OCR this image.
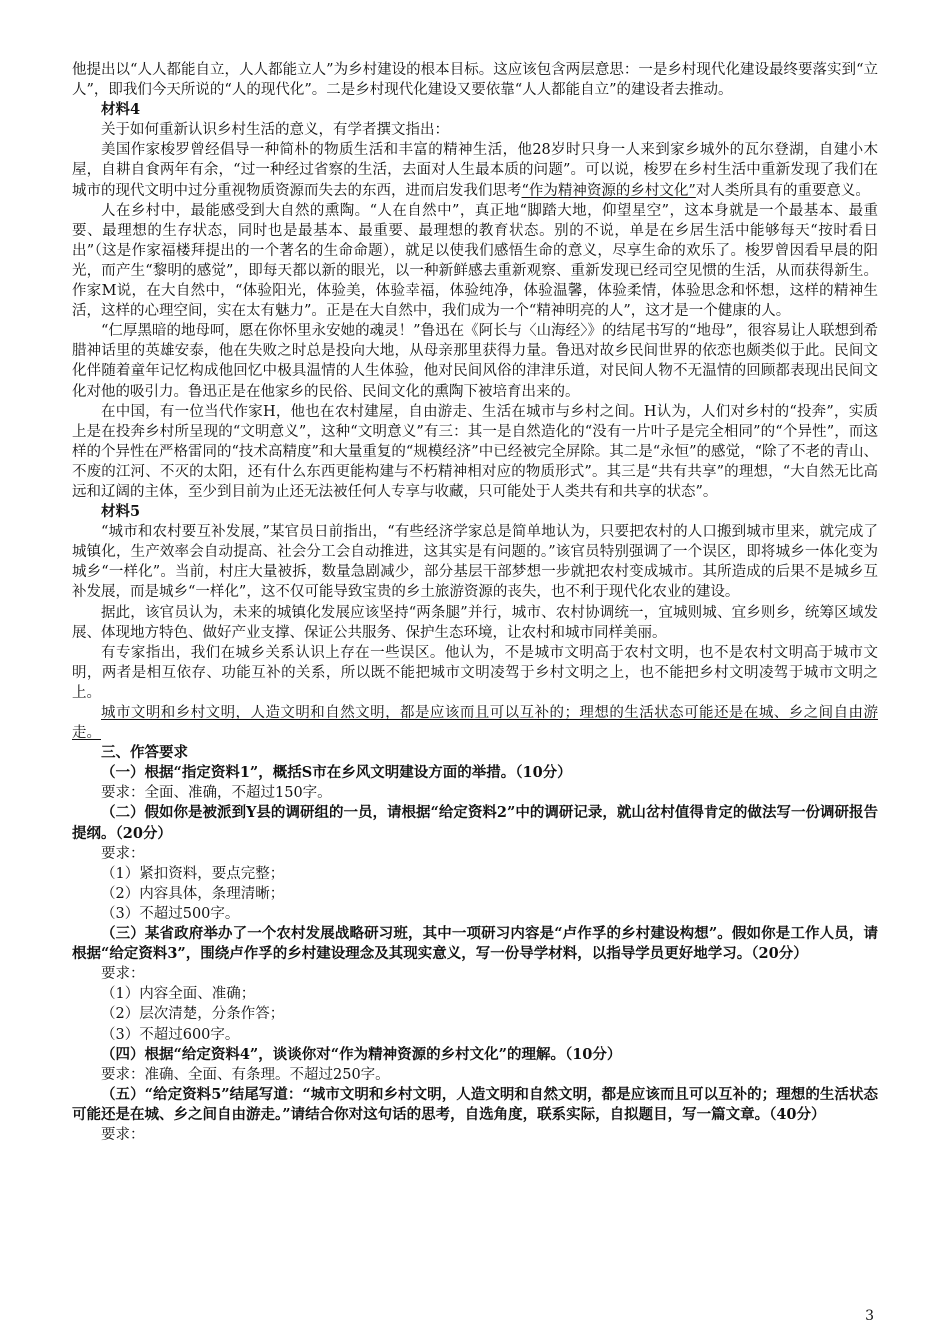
他提出以“人人都能自立，人人都能立人”为乡村建设的根本目标。这应该包含两层意思：一是乡村现代化建设最终要落实到“立人”，即我们今天所说的“人的现代化”。二是乡村现代化建设又要依靠“人人都能自立”的建设者去推动。

材料4

关于如何重新认识乡村生活的意义，有学者撰文指出：

美国作家梭罗曾经倡导一种简朴的物质生活和丰富的精神生活，他28岁时只身一人来到家乡城外的瓦尔登湖，自建小木屋，自耕自食两年有余，“过一种经过省察的生活，去面对人生最本质的问题”。可以说，梭罗在乡村生活中重新发现了我们在城市的现代文明中过分重视物质资源而失去的东西，进而启发我们思考“作为精神资源的乡村文化”对人类所具有的重要意义。

人在乡村中，最能感受到大自然的熏陶。“人在自然中”，真正地“脚踏大地，仰望星空”，这本身就是一个最基本、最重要、最理想的生存状态，同时也是最基本、最重要、最理想的教育状态。别的不说，单是在乡居生活中能够每天“按时看日出”（这是作家福楼拜提出的一个著名的生命命题），就足以使我们感悟生命的意义，尽享生命的欢乐了。梭罗曾因看早晨的阳光，而产生“黎明的感觉”，即每天都以新的眼光，以一种新鲜感去重新观察、重新发现已经司空见惯的生活，从而获得新生。作家M说，在大自然中，“体验阳光，体验美，体验幸福，体验纯净，体验温馨，体验柔情，体验思念和怀想，这样的精神生活，这样的心理空间，实在太有魅力”。正是在大自然中，我们成为一个“精神明亮的人”，这才是一个健康的人。

“仁厚黑暗的地母呵，愿在你怀里永安她的魂灵！”鲁迅在《阿长与〈山海经〉》的结尾书写的“地母”，很容易让人联想到希腊神话里的英雄安泰，他在失败之时总是投向大地，从母亲那里获得力量。鲁迅对故乡民间世界的依恋也颇类似于此。民间文化伴随着童年记忆构成他回忆中极具温情的人生体验，他对民间风俗的津津乐道，对民间人物不无温情的回顾都表现出民间文化对他的吸引力。鲁迅正是在他家乡的民俗、民间文化的熏陶下被培育出来的。

在中国，有一位当代作家H，他也在农村建屋，自由游走、生活在城市与乡村之间。H认为，人们对乡村的“投奔”，实质上是在投奔乡村所呈现的“文明意义”，这种“文明意义”有三：其一是自然造化的“没有一片叶子是完全相同”的“个异性”，而这样的个异性在严格雷同的“技术高精度”和大量重复的“规模经济”中已经被完全屏除。其二是“永恒”的感觉，“除了不老的青山、不废的江河、不灭的太阳，还有什么东西更能构建与不朽精神相对应的物质形式”。其三是“共有共享”的理想，“大自然无比高远和辽阔的主体，至少到目前为止还无法被任何人专享与收藏，只可能处于人类共有和共享的状态”。

材料5

“城市和农村要互补发展，”某官员日前指出，“有些经济学家总是简单地认为，只要把农村的人口搬到城市里来，就完成了城镇化，生产效率会自动提高、社会分工会自动推进，这其实是有问题的。”该官员特别强调了一个误区，即将城乡一体化变为城乡“一样化”。当前，村庄大量被拆，数量急剧减少，部分基层干部梦想一步就把农村变成城市。其所造成的后果不是城乡互补发展，而是城乡“一样化”，这不仅可能导致宝贵的乡土旅游资源的丧失，也不利于现代化农业的建设。

据此，该官员认为，未来的城镇化发展应该坚持“两条腿”并行，城市、农村协调统一，宜城则城、宜乡则乡，统筹区域发展、体现地方特色、做好产业支撑、保证公共服务、保护生态环境，让农村和城市同样美丽。

有专家指出，我们在城乡关系认识上存在一些误区。他认为，不是城市文明高于农村文明，也不是农村文明高于城市文明，两者是相互依存、功能互补的关系，所以既不能把城市文明凌驾于乡村文明之上，也不能把乡村文明凌驾于城市文明之上。

城市文明和乡村文明，人造文明和自然文明，都是应该而且可以互补的；理想的生活状态可能还是在城、乡之间自由游走。

三、作答要求

（一）根据“指定资料1”，概括S市在乡风文明建设方面的举措。（10分）

要求：全面、准确，不超过150字。

（二）假如你是被派到Y县的调研组的一员，请根据“给定资料2”中的调研记录，就山岔村值得肯定的做法写一份调研报告提纲。（20分）

要求：

（1）紧扣资料，要点完整；

（2）内容具体，条理清晰；

（3）不超过500字。

（三）某省政府举办了一个农村发展战略研习班，其中一项研习内容是“卢作孚的乡村建设构想”。假如你是工作人员，请根据“给定资料3”，围绕卢作孚的乡村建设理念及其现实意义，写一份导学材料，以指导学员更好地学习。（20分）

要求：

（1）内容全面、准确；

（2）层次清楚，分条作答；

（3）不超过600字。

（四）根据“给定资料4”，谈谈你对“作为精神资源的乡村文化”的理解。（10分）

要求：准确、全面、有条理。不超过250字。

（五）“给定资料5”结尾写道：“城市文明和乡村文明，人造文明和自然文明，都是应该而且可以互补的；理想的生活状态可能还是在城、乡之间自由游走。”请结合你对这句话的思考，自选角度，联系实际，自拟题目，写一篇文章。（40分）

要求：

3
